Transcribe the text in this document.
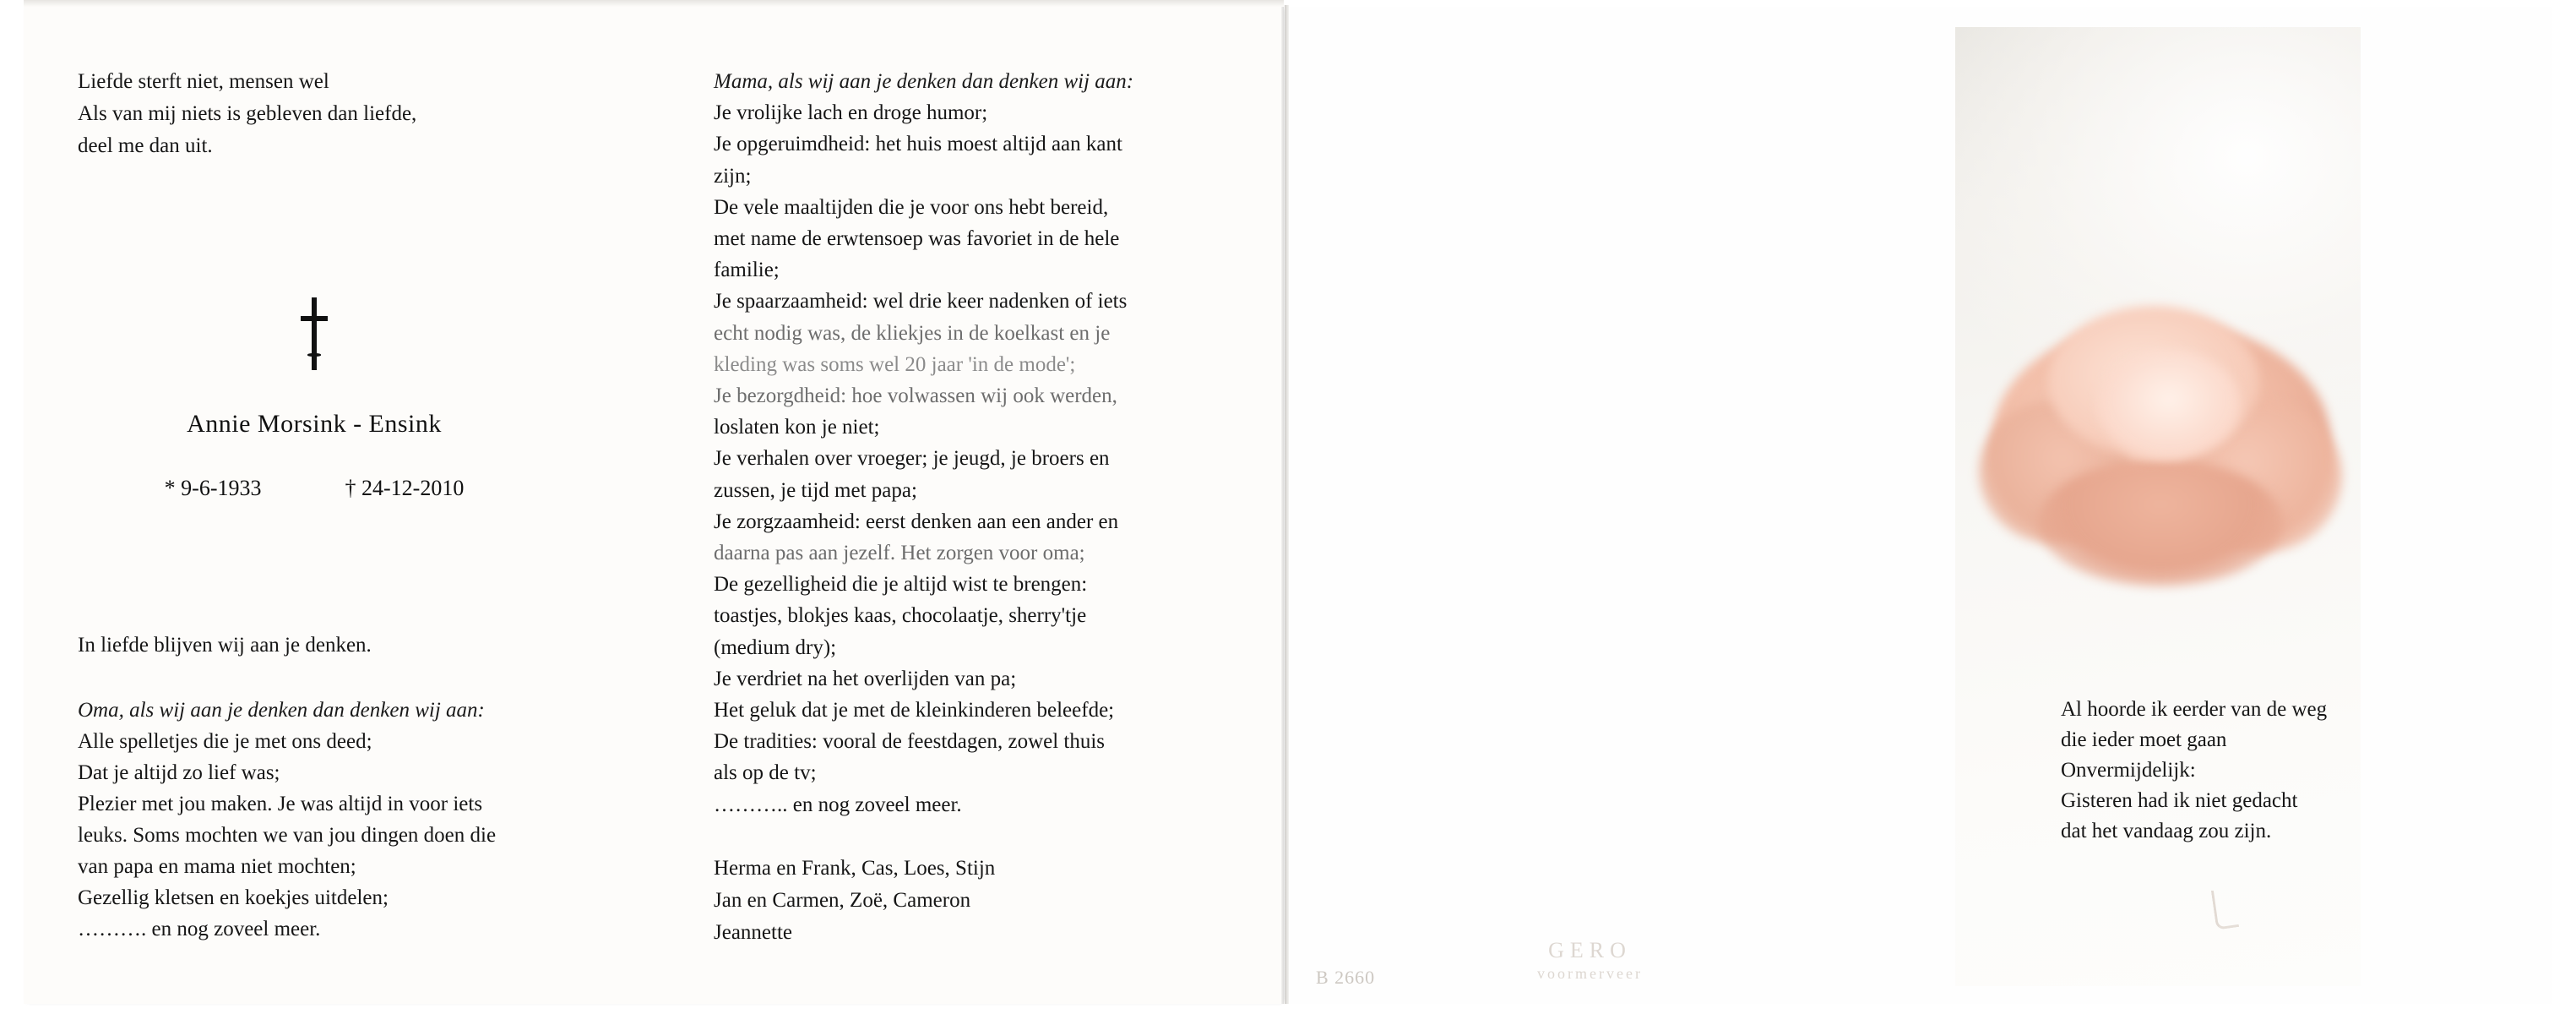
Liefde sterft niet, mensen wel
Als van mij niets is gebleven dan liefde,
deel me dan uit.
Annie Morsink - Ensink
* 9-6-1933	† 24-12-2010
In liefde blijven wij aan je denken.
Oma, als wij aan je denken dan denken wij aan:
Alle spelletjes die je met ons deed;
Dat je altijd zo lief was;
Plezier met jou maken. Je was altijd in voor iets
leuks. Soms mochten we van jou dingen doen die
van papa en mama niet mochten;
Gezellig kletsen en koekjes uitdelen;
………. en nog zoveel meer.
Mama, als wij aan je denken dan denken wij aan:
Je vrolijke lach en droge humor;
Je opgeruimdheid: het huis moest altijd aan kant
zijn;
De vele maaltijden die je voor ons hebt bereid,
met name de erwtensoep was favoriet in de hele
familie;
Je spaarzaamheid: wel drie keer nadenken of iets
echt nodig was, de kliekjes in de koelkast en je
kleding was soms wel 20 jaar 'in de mode';
Je bezorgdheid: hoe volwassen wij ook werden,
loslaten kon je niet;
Je verhalen over vroeger; je jeugd, je broers en
zussen, je tijd met papa;
Je zorgzaamheid: eerst denken aan een ander en
daarna pas aan jezelf. Het zorgen voor oma;
De gezelligheid die je altijd wist te brengen:
toastjes, blokjes kaas, chocolaatje, sherry'tje
(medium dry);
Je verdriet na het overlijden van pa;
Het geluk dat je met de kleinkinderen beleefde;
De tradities: vooral de feestdagen, zowel thuis
als op de tv;
……….. en nog zoveel meer.
Herma en Frank, Cas, Loes, Stijn
Jan en Carmen, Zoë, Cameron
Jeannette
B 2660
GERO
voormerveer
Al hoorde ik eerder van de weg
die ieder moet gaan
Onvermijdelijk:
Gisteren had ik niet gedacht
dat het vandaag zou zijn.
